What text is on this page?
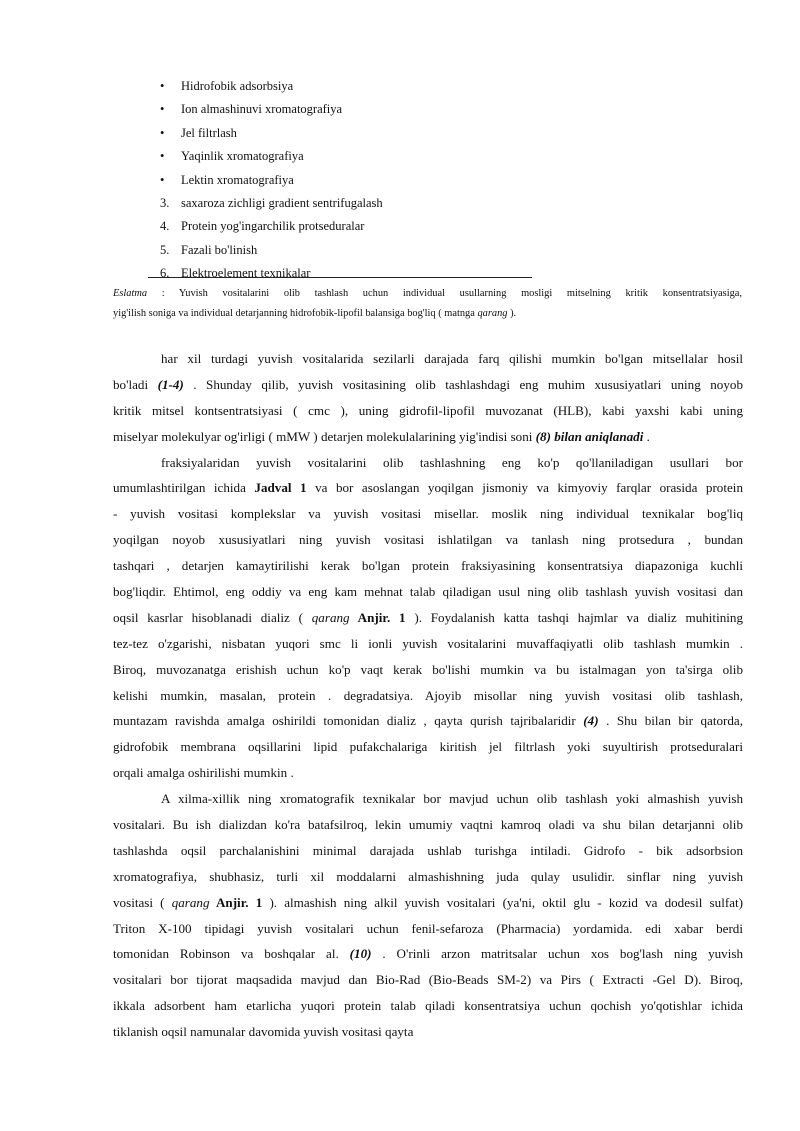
•	Hidrofobik adsorbsiya
•	Ion almashinuvi xromatografiya
•	Jel filtrlash
•	Yaqinlik xromatografiya
•	Lektin xromatografiya
3. saxaroza zichligi gradient sentrifugalash
4. Protein yog'ingarchilik protseduralar
5. Fazali bo'linish
6. Elektroelement texnikalar
Eslatma : Yuvish vositalarini olib tashlash uchun individual usullarning mosligi mitselning kritik konsentratsiyasiga,
yig'ilish soniga va individual detarjanning hidrofobik-lipofil balansiga bog'liq ( matnga qarang ).
har xil turdagi yuvish vositalarida sezilarli darajada farq qilishi mumkin bo'lgan mitsellalar hosil
bo'ladi (1-4) . Shunday qilib, yuvish vositasining olib tashlashdagi eng muhim xususiyatlari uning noyob
kritik mitsel kontsentratsiyasi ( cmc ), uning gidrofil-lipofil muvozanat (HLB), kabi yaxshi kabi uning
miselyar molekulyar og'irligi ( mMW ) detarjen molekulalarining yig'indisi soni (8) bilan aniqlanadi .
fraksiyalaridan yuvish vositalarini olib tashlashning eng ko'p qo'llaniladigan usullari bor
umumlashtirilgan ichida Jadval 1 va bor asoslangan yoqilgan jismoniy va kimyoviy farqlar orasida protein
- yuvish vositasi komplekslar va yuvish vositasi misellar. moslik ning individual texnikalar bog'liq
yoqilgan noyob xususiyatlari ning yuvish vositasi ishlatilgan va tanlash ning protsedura , bundan
tashqari , detarjen kamaytirilishi kerak bo'lgan protein fraksiyasining konsentratsiya diapazoniga kuchli
bog'liqdir. Ehtimol, eng oddiy va eng kam mehnat talab qiladigan usul ning olib tashlash yuvish vositasi dan
oqsil kasrlar hisoblanadi dializ ( qarang Anjir. 1 ). Foydalanish katta tashqi hajmlar va dializ muhitining
tez-tez o'zgarishi, nisbatan yuqori smc li ionli yuvish vositalarini muvaffaqiyatli olib tashlash mumkin .
Biroq, muvozanatga erishish uchun ko'p vaqt kerak bo'lishi mumkin va bu istalmagan yon ta'sirga olib
kelishi mumkin, masalan, protein . degradatsiya. Ajoyib misollar ning yuvish vositasi olib tashlash,
muntazam ravishda amalga oshirildi tomonidan dializ , qayta qurish tajribalaridir (4) . Shu bilan bir qatorda,
gidrofobik membrana oqsillarini lipid pufakchalariga kiritish jel filtrlash yoki suyultirish protseduralari
orqali amalga oshirilishi mumkin .
A xilma-xillik ning xromatografik texnikalar bor mavjud uchun olib tashlash yoki almashish yuvish
vositalari. Bu ish dializdan ko'ra batafsilroq, lekin umumiy vaqtni kamroq oladi va shu bilan detarjanni olib
tashlashda oqsil parchalanishini minimal darajada ushlab turishga intiladi. Gidrofo - bik adsorbsion
xromatografiya, shubhasiz, turli xil moddalarni almashishning juda qulay usulidir. sinflar ning yuvish
vositasi ( qarang Anjir. 1 ). almashish ning alkil yuvish vositalari (ya'ni, oktil glu - kozid va dodesil sulfat)
Triton X-100 tipidagi yuvish vositalari uchun fenil-sefaroza (Pharmacia) yordamida. edi xabar berdi
tomonidan Robinson va boshqalar al. (10) . O'rinli arzon matritsalar uchun xos bog'lash ning yuvish
vositalari bor tijorat maqsadida mavjud dan Bio-Rad (Bio-Beads SM-2) va Pirs ( Extracti -Gel D). Biroq,
ikkala adsorbent ham etarlicha yuqori protein talab qiladi konsentratsiya uchun qochish yo'qotishlar ichida
tiklanish oqsil namunalar davomida yuvish vositasi qayta
